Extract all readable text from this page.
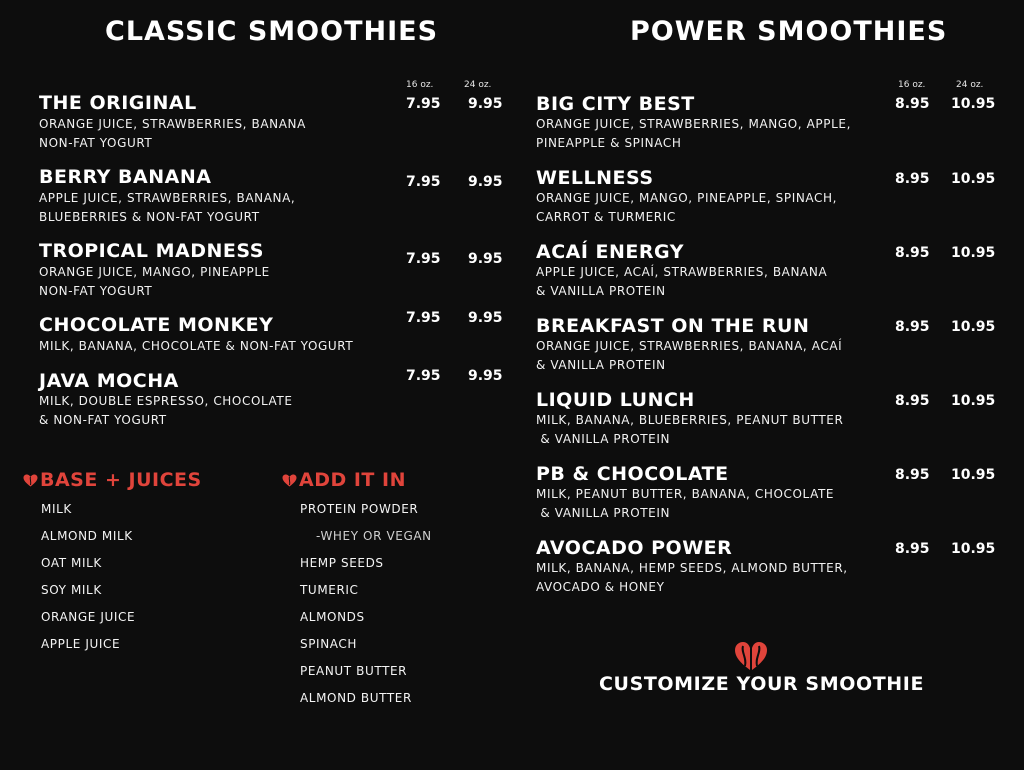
CLASSIC SMOOTHIES	POWER SMOOTHIES
16 oz.	24 oz.	16 oz.	24 oz.
THE ORIGINAL
ORANGE JUICE, STRAWBERRIES, BANANA
NON-FAT YOGURT
7.95 9.95
BERRY BANANA
APPLE JUICE, STRAWBERRIES, BANANA,
BLUEBERRIES & NON-FAT YOGURT
7.95 9.95
TROPICAL MADNESS
ORANGE JUICE, MANGO, PINEAPPLE
NON-FAT YOGURT
7.95 9.95
CHOCOLATE MONKEY
MILK, BANANA, CHOCOLATE & NON-FAT YOGURT
7.95 9.95
JAVA MOCHA
MILK, DOUBLE ESPRESSO, CHOCOLATE
& NON-FAT YOGURT
7.95 9.95
BIG CITY BEST
ORANGE JUICE, STRAWBERRIES, MANGO, APPLE,
PINEAPPLE & SPINACH
8.95 10.95
WELLNESS
ORANGE JUICE, MANGO, PINEAPPLE, SPINACH,
CARROT & TURMERIC
8.95 10.95
ACAÍ ENERGY
APPLE JUICE, ACAÍ, STRAWBERRIES, BANANA
& VANILLA PROTEIN
8.95 10.95
BREAKFAST ON THE RUN
ORANGE JUICE, STRAWBERRIES, BANANA, ACAÍ
& VANILLA PROTEIN
8.95 10.95
LIQUID LUNCH
MILK, BANANA, BLUEBERRIES, PEANUT BUTTER
& VANILLA PROTEIN
8.95 10.95
PB & CHOCOLATE
MILK, PEANUT BUTTER, BANANA, CHOCOLATE
& VANILLA PROTEIN
8.95 10.95
AVOCADO POWER
MILK, BANANA, HEMP SEEDS, ALMOND BUTTER,
AVOCADO & HONEY
8.95 10.95
BASE + JUICES
MILK
ALMOND MILK
OAT MILK
SOY MILK
ORANGE JUICE
APPLE JUICE
ADD IT IN
PROTEIN POWDER
-WHEY OR VEGAN
HEMP SEEDS
TUMERIC
ALMONDS
SPINACH
PEANUT BUTTER
ALMOND BUTTER
CUSTOMIZE YOUR SMOOTHIE
